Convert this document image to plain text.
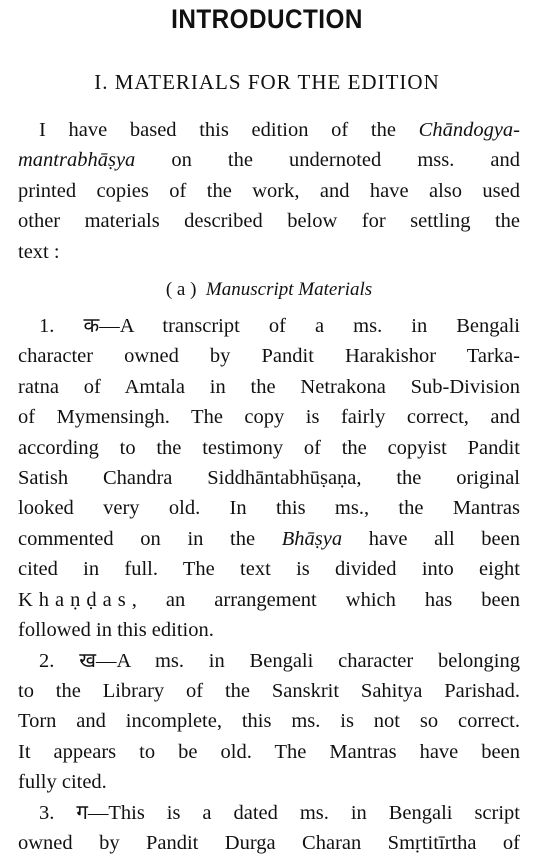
INTRODUCTION
I. MATERIALS FOR THE EDITION

I have based this edition of the Chāndogya-
mantrabhāṣya on the undernoted mss. and
printed copies of the work, and have also used
other materials described below for settling the
text :

( a ) Manuscript Materials

1. क—A transcript of a ms. in Bengali
character owned by Pandit Harakishor Tarka-
ratna of Amtala in the Netrakona Sub-Division
of Mymensingh. The copy is fairly correct, and
according to the testimony of the copyist Pandit
Satish Chandra Siddhāntabhūṣaṇa, the original
looked very old. In this ms., the Mantras
commented on in the Bhāṣya have all been
cited in full. The text is divided into eight
Khaṇḍas, an arrangement which has been
followed in this edition.

2. ख—A ms. in Bengali character belonging
to the Library of the Sanskrit Sahitya Parishad.
Torn and incomplete, this ms. is not so correct.
It appears to be old. The Mantras have been
fully cited.

3. ग—This is a dated ms. in Bengali script
owned by Pandit Durga Charan Smṛtitīrtha of
